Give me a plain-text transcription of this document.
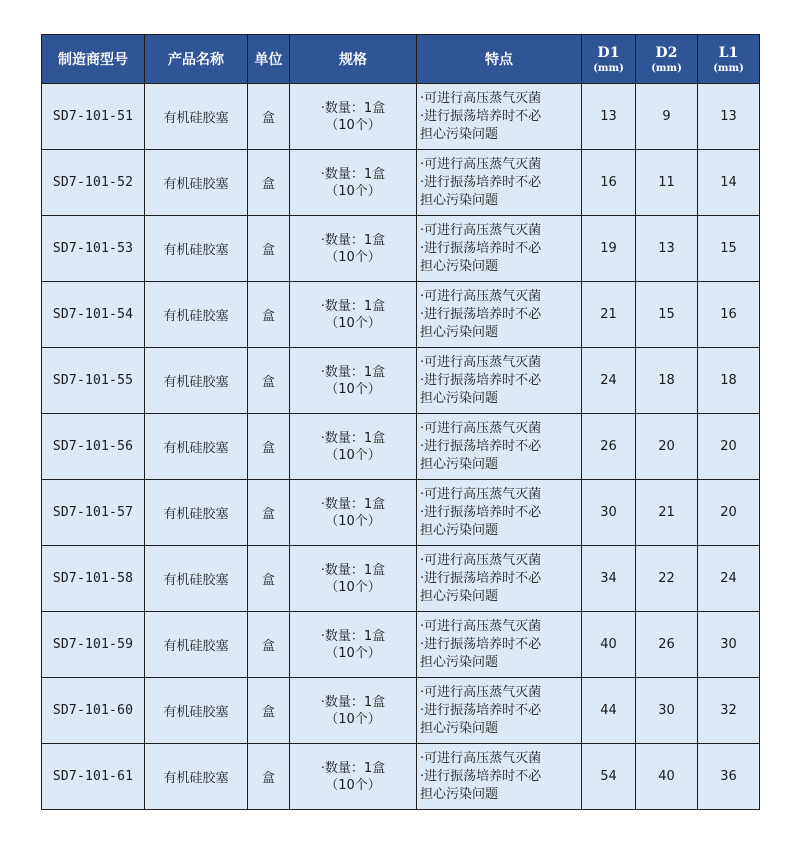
制造商型号	产品名称	单位	规格	特点	D1
(mm)	D2
(mm)	L1
(mm)

SD7-101-51	有机硅胶塞	盒	·数量：1盒
（10个）	·可进行高压蒸气灭菌
·进行振荡培养时不必
担心污染问题	13	9	13
SD7-101-52	有机硅胶塞	盒	·数量：1盒
（10个）	·可进行高压蒸气灭菌
·进行振荡培养时不必
担心污染问题	16	11	14
SD7-101-53	有机硅胶塞	盒	·数量：1盒
（10个）	·可进行高压蒸气灭菌
·进行振荡培养时不必
担心污染问题	19	13	15
SD7-101-54	有机硅胶塞	盒	·数量：1盒
（10个）	·可进行高压蒸气灭菌
·进行振荡培养时不必
担心污染问题	21	15	16
SD7-101-55	有机硅胶塞	盒	·数量：1盒
（10个）	·可进行高压蒸气灭菌
·进行振荡培养时不必
担心污染问题	24	18	18
SD7-101-56	有机硅胶塞	盒	·数量：1盒
（10个）	·可进行高压蒸气灭菌
·进行振荡培养时不必
担心污染问题	26	20	20
SD7-101-57	有机硅胶塞	盒	·数量：1盒
（10个）	·可进行高压蒸气灭菌
·进行振荡培养时不必
担心污染问题	30	21	20
SD7-101-58	有机硅胶塞	盒	·数量：1盒
（10个）	·可进行高压蒸气灭菌
·进行振荡培养时不必
担心污染问题	34	22	24
SD7-101-59	有机硅胶塞	盒	·数量：1盒
（10个）	·可进行高压蒸气灭菌
·进行振荡培养时不必
担心污染问题	40	26	30
SD7-101-60	有机硅胶塞	盒	·数量：1盒
（10个）	·可进行高压蒸气灭菌
·进行振荡培养时不必
担心污染问题	44	30	32
SD7-101-61	有机硅胶塞	盒	·数量：1盒
（10个）	·可进行高压蒸气灭菌
·进行振荡培养时不必
担心污染问题	54	40	36
